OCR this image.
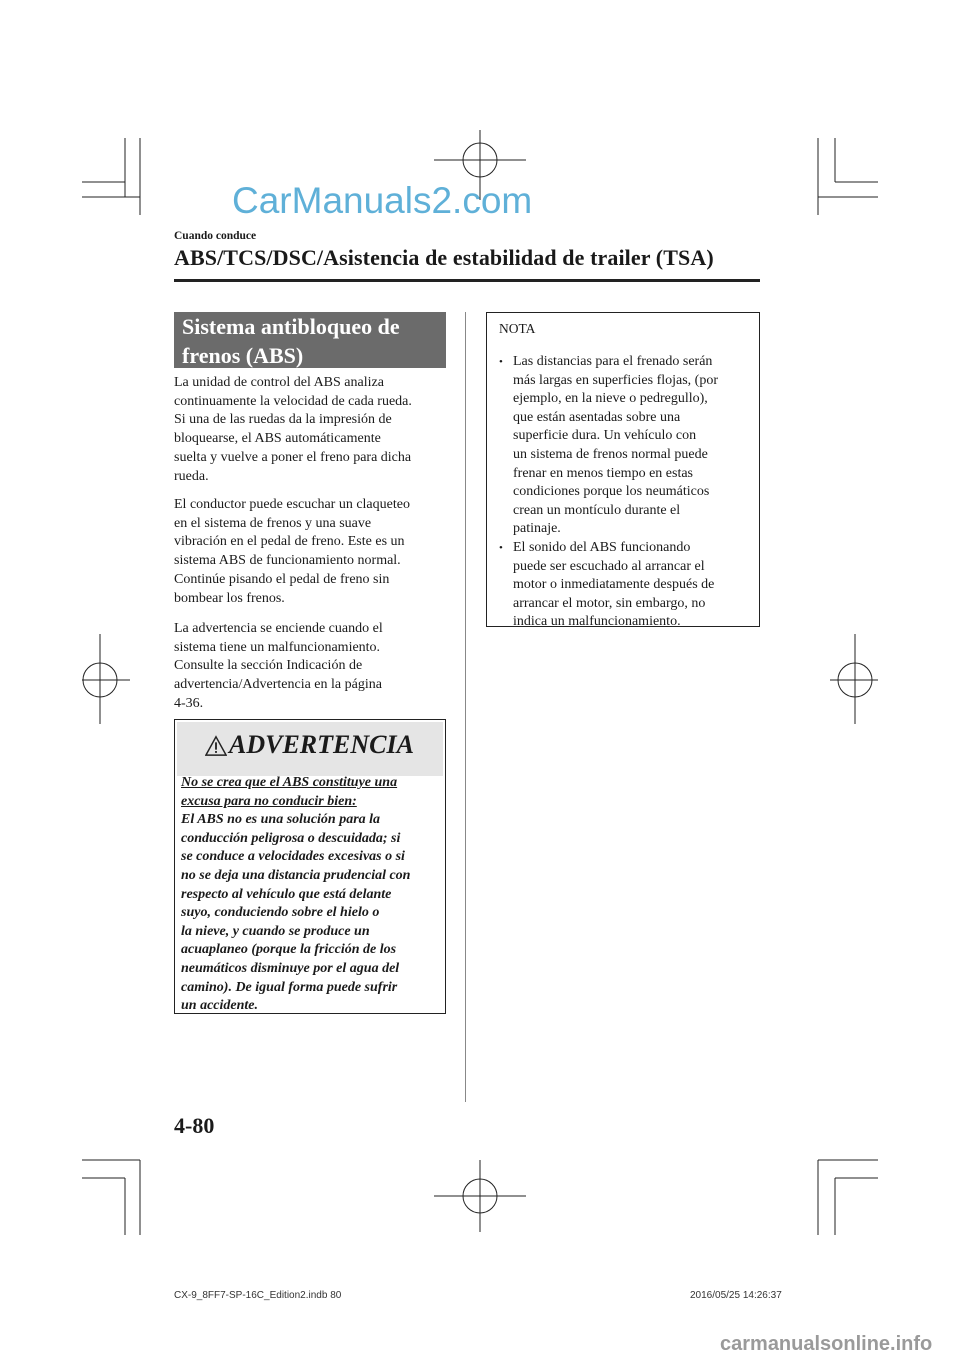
CarManuals2.com
Cuando conduce
ABS/TCS/DSC/Asistencia de estabilidad de trailer (TSA)
Sistema antibloqueo de
frenos (ABS)
La unidad de control del ABS analiza
continuamente la velocidad de cada rueda.
Si una de las ruedas da la impresión de
bloquearse, el ABS automáticamente
suelta y vuelve a poner el freno para dicha
rueda.
El conductor puede escuchar un claqueteo
en el sistema de frenos y una suave
vibración en el pedal de freno. Este es un
sistema ABS de funcionamiento normal.
Continúe pisando el pedal de freno sin
bombear los frenos.
La advertencia se enciende cuando el
sistema tiene un malfuncionamiento.
Consulte la sección Indicación de
advertencia/Advertencia en la página
4-36.
ADVERTENCIA
No se crea que el ABS constituye una
excusa para no conducir bien:
El ABS no es una solución para la
conducción peligrosa o descuidada; si
se conduce a velocidades excesivas o si
no se deja una distancia prudencial con
respecto al vehículo que está delante
suyo, conduciendo sobre el hielo o
la nieve, y cuando se produce un
acuaplaneo (porque la fricción de los
neumáticos disminuye por el agua del
camino). De igual forma puede sufrir
un accidente.
NOTA
• Las distancias para el frenado serán
más largas en superficies flojas, (por
ejemplo, en la nieve o pedregullo),
que están asentadas sobre una
superficie dura. Un vehículo con
un sistema de frenos normal puede
frenar en menos tiempo en estas
condiciones porque los neumáticos
crean un montículo durante el
patinaje.
• El sonido del ABS funcionando
puede ser escuchado al arrancar el
motor o inmediatamente después de
arrancar el motor, sin embargo, no
indica un malfuncionamiento.
4-80
CX-9_8FF7-SP-16C_Edition2.indb 80	2016/05/25 14:26:37
carmanualsonline.info
